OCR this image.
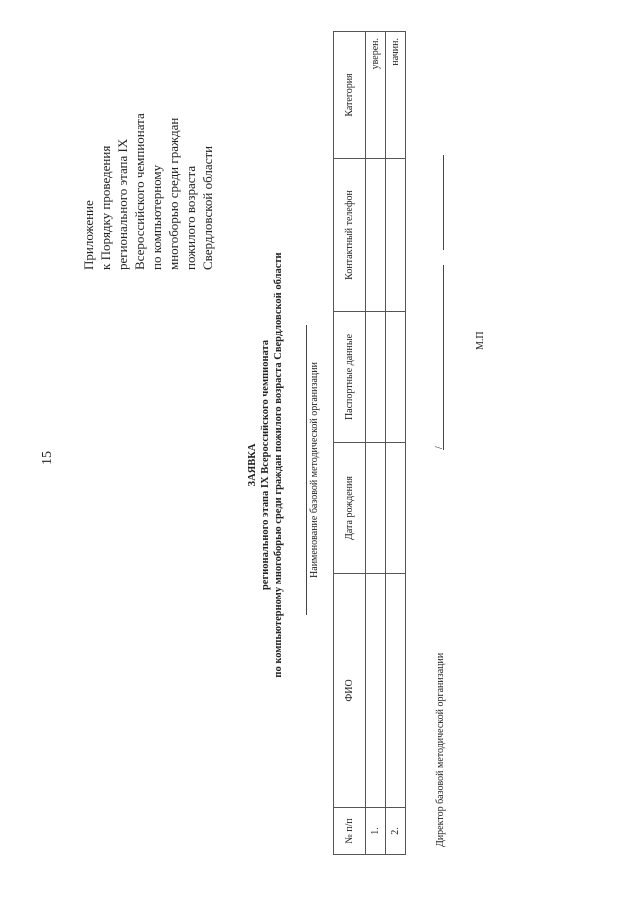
15
Приложение к Порядку проведения регионального этапа IX Всероссийского чемпионата по компьютерному многоборью среди граждан пожилого возраста Свердловской области
ЗАЯВКА регионального этапа IX Всероссийского чемпионата по компьютерному многоборью среди граждан пожилого возраста Свердловской области	Наименование базовой методической организации
№ п/п	ФИО	Дата рождения	Паспортные данные	Контактный телефон	Категория
1.					уверен.
2.					начин.
Директор базовой методической организации
/
М.П
